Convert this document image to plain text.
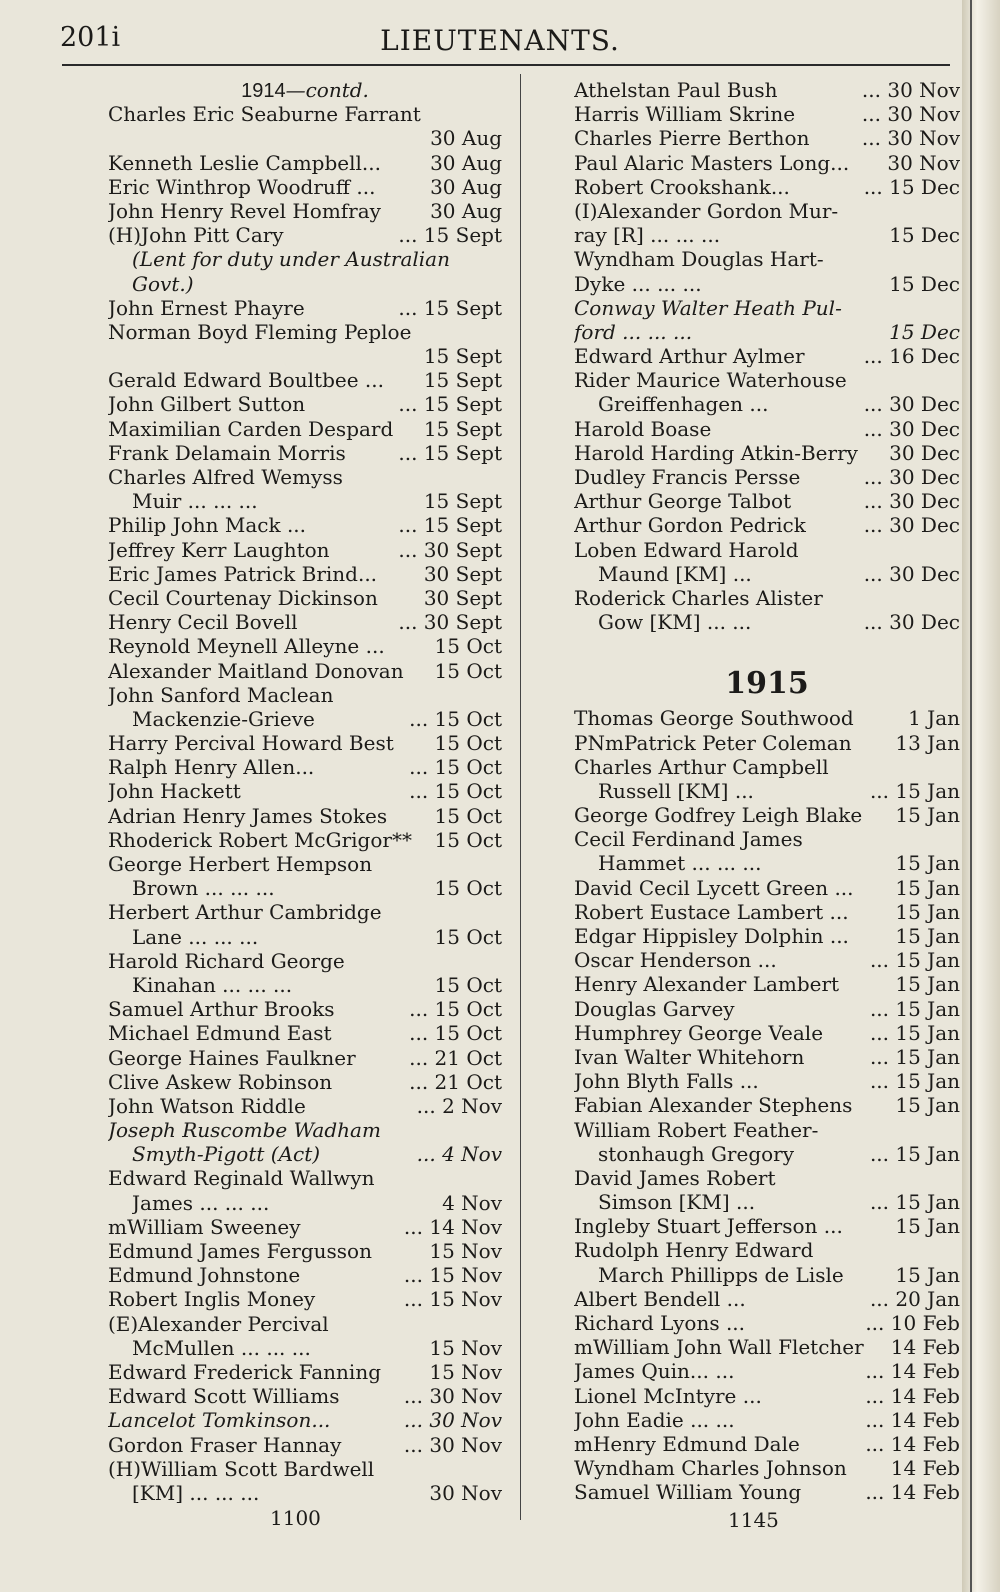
201i	LIEUTENANTS.
1914—contd.
Charles Eric Seaburne Farrant
30 Aug
Kenneth Leslie Campbell...	30 Aug
Eric Winthrop Woodruff ...	30 Aug
John Henry Revel Homfray	30 Aug
(H)John Pitt Cary	... 15 Sept
(Lent for duty under Australian
Govt.)
John Ernest Phayre	... 15 Sept
Norman Boyd Fleming Peploe
15 Sept
Gerald Edward Boultbee ...	15 Sept
John Gilbert Sutton	... 15 Sept
Maximilian Carden Despard	15 Sept
Frank Delamain Morris	... 15 Sept
Charles Alfred Wemyss
Muir ... ... ...	15 Sept
Philip John Mack ...	... 15 Sept
Jeffrey Kerr Laughton	... 30 Sept
Eric James Patrick Brind...	30 Sept
Cecil Courtenay Dickinson	30 Sept
Henry Cecil Bovell	... 30 Sept
Reynold Meynell Alleyne ...	15 Oct
Alexander Maitland Donovan	15 Oct
John Sanford Maclean
Mackenzie-Grieve	... 15 Oct
Harry Percival Howard Best	15 Oct
Ralph Henry Allen...	... 15 Oct
John Hackett	... 15 Oct
Adrian Henry James Stokes	15 Oct
Rhoderick Robert McGrigor**	15 Oct
George Herbert Hempson
Brown ... ... ...	15 Oct
Herbert Arthur Cambridge
Lane ... ... ...	15 Oct
Harold Richard George
Kinahan ... ... ...	15 Oct
Samuel Arthur Brooks	... 15 Oct
Michael Edmund East	... 15 Oct
George Haines Faulkner	... 21 Oct
Clive Askew Robinson	... 21 Oct
John Watson Riddle	... 2 Nov
Joseph Ruscombe Wadham
Smyth-Pigott (Act)	... 4 Nov
Edward Reginald Wallwyn
James ... ... ...	4 Nov
mWilliam Sweeney	... 14 Nov
Edmund James Fergusson	15 Nov
Edmund Johnstone	... 15 Nov
Robert Inglis Money	... 15 Nov
(E)Alexander Percival
McMullen ... ... ...	15 Nov
Edward Frederick Fanning	15 Nov
Edward Scott Williams	... 30 Nov
Lancelot Tomkinson...	... 30 Nov
Gordon Fraser Hannay	... 30 Nov
(H)William Scott Bardwell
[KM] ... ... ...	30 Nov
Athelstan Paul Bush	... 30 Nov
Harris William Skrine	... 30 Nov
Charles Pierre Berthon	... 30 Nov
Paul Alaric Masters Long...	30 Nov
Robert Crookshank...	... 15 Dec
(I)Alexander Gordon Mur-
ray [R] ... ... ...	15 Dec
Wyndham Douglas Hart-
Dyke ... ... ...	15 Dec
Conway Walter Heath Pul-
ford ... ... ...	15 Dec
Edward Arthur Aylmer	... 16 Dec
Rider Maurice Waterhouse
Greiffenhagen ...	... 30 Dec
Harold Boase	... 30 Dec
Harold Harding Atkin-Berry	30 Dec
Dudley Francis Persse	... 30 Dec
Arthur George Talbot	... 30 Dec
Arthur Gordon Pedrick	... 30 Dec
Loben Edward Harold
Maund [KM] ...	... 30 Dec
Roderick Charles Alister
Gow [KM] ... ...	... 30 Dec
1915
Thomas George Southwood	1 Jan
PNmPatrick Peter Coleman	13 Jan
Charles Arthur Campbell
Russell [KM] ...	... 15 Jan
George Godfrey Leigh Blake	15 Jan
Cecil Ferdinand James
Hammet ... ... ...	15 Jan
David Cecil Lycett Green ...	15 Jan
Robert Eustace Lambert ...	15 Jan
Edgar Hippisley Dolphin ...	15 Jan
Oscar Henderson ...	... 15 Jan
Henry Alexander Lambert	15 Jan
Douglas Garvey	... 15 Jan
Humphrey George Veale	... 15 Jan
Ivan Walter Whitehorn	... 15 Jan
John Blyth Falls ...	... 15 Jan
Fabian Alexander Stephens	15 Jan
William Robert Feather-
stonhaugh Gregory	... 15 Jan
David James Robert
Simson [KM] ...	... 15 Jan
Ingleby Stuart Jefferson ...	15 Jan
Rudolph Henry Edward
March Phillipps de Lisle	15 Jan
Albert Bendell ...	... 20 Jan
Richard Lyons ...	... 10 Feb
mWilliam John Wall Fletcher	14 Feb
James Quin... ...	... 14 Feb
Lionel McIntyre ...	... 14 Feb
John Eadie ... ...	... 14 Feb
mHenry Edmund Dale	... 14 Feb
Wyndham Charles Johnson	14 Feb
Samuel William Young	... 14 Feb
1100	1145
